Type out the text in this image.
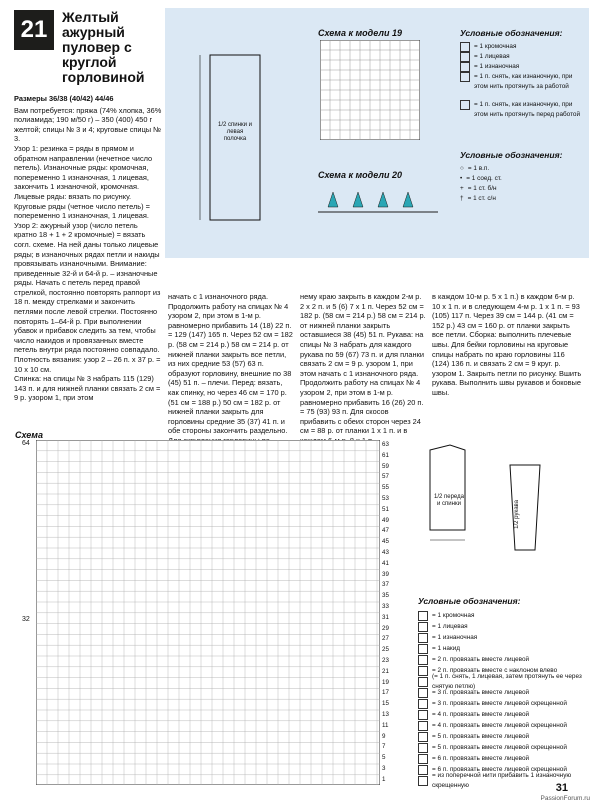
21	Желтый ажурный пуловер с круглой горловиной

Размеры 36/38 (40/42) 44/46

Вам потребуется: пряжа (74% хлопка, 36% полиамида; 190 м/50 г) – 350 (400) 450 г желтой; спицы № 3 и 4; круговые спицы № 3.

Узор 1: резинка = ряды в прямом и обратном направлении (нечетное число петель). Изнаночные ряды: кромочная, попеременно 1 изнаночная, 1 лицевая, закончить 1 изнаночной, кромочная. Лицевые ряды: вязать по рисунку. Круговые ряды (четное число петель) = попеременно 1 изнаночная, 1 лицевая.

Узор 2: ажурный узор (число петель кратно 18 + 1 + 2 кромочные) = вязать согл. схеме. На ней даны только лицевые ряды; в изнаночных рядах петли и накиды провязывать изнаночными. Внимание: приведенные 32-й и 64-й р. – изнаночные ряды. Начать с петель перед правой стрелкой, постоянно повторять раппорт из 18 п. между стрелками и закончить петлями после левой стрелки. Постоянно повторять 1–64-й р. При выполнении убавок и прибавок следить за тем, чтобы число накидов и провязанных вместе петель внутри ряда постоянно совпадало.

Плотность вязания: узор 2 – 26 п. x 37 р. = 10 x 10 см.

Спинка: на спицы № 3 набрать 115 (129) 143 п. и для нижней планки связать 2 см = 9 р. узором 1, при этом

1/2 спинки и левая полочка
Схема к модели 19
Схема к модели 20
Условные обозначения:
= 1 кромочная
= 1 лицевая
= 1 изнаночная
= 1 п. снять, как изнаночную, при этом нить протянуть за работой
= 1 п. снять, как изнаночную, при этом нить протянуть перед работой
Условные обозначения:
○ = 1 в.п.
• = 1 соед. ст.
+ = 1 ст. б/н
† = 1 ст. с/н
начать с 1 изнаночного ряда. Продолжить работу на спицах № 4 узором 2, при этом в 1-м р. равномерно прибавить 14 (18) 22 п. = 129 (147) 165 п. Через 52 см = 182 р. (58 см = 214 р.) 58 см = 214 р. от нижней планки закрыть все петли, из них средние 53 (57) 63 п. образуют горловину, внешние по 38 (45) 51 п. – плечи. Перед: вязать, как спинку, но через 46 см = 170 р. (51 см = 188 р.) 50 см = 182 р. от нижней планки закрыть для горловины средние 35 (37) 41 п. и обе стороны закончить раздельно.
нему краю закрыть в каждом 2-м р. 2 x 2 п. и 5 (6) 7 x 1 п. Через 52 см = 182 р. (58 см = 214 р.) 58 см = 214 р. от нижней планки закрыть оставшиеся 38 (45) 51 п. Рукава: на спицы № 3 набрать для каждого рукава по 59 (67) 73 п. и для планки связать 2 см = 9 р. узором 1, при этом начать с 1 изнаночного ряда. Продолжить работу на спицах № 4 узором 2, при этом в 1-м р. равномерно прибавить 16 (26) 20 п. = 75 (93) 93 п. Для скосов прибавить с обеих сторон через 24 см = 88 р. от планки 1 x 1 п. и в
в каждом 10-м р. 5 x 1 п.) в каждом 6-м р. 10 x 1 п. и в следующем 4-м р. 1 x 1 п. = 93 (105) 117 п. Через 39 см = 144 р. (41 см = 152 р.) 43 см = 160 р. от планки закрыть все петли. Сборка: выполнить плечевые швы. Для бейки горловины на круговые спицы набрать по краю горловины 116 (124) 136 п. и связать 2 см = 9 круг. р. узором 1. Закрыть петли по рисунку. Вшить рукава. Выполнить швы рукавов и боковые швы.
Схема
64
32
63
61
59
57
55
53
51
49
47
45
43
41
39
37
35
33
31
29
27
25
23
21
19
17
15
13
11
9
7
5
3
1
1/2 переда и спинки	1/2 рукава
Условные обозначения:
= 1 кромочная
= 1 лицевая
= 1 изнаночная
= 1 накид
= 2 п. провязать вместе лицевой
= 2 п. провязать вместе с наклоном влево
(= 1 п. снять, 1 лицевая, затем протянуть ее через снятую петлю)
= 3 п. провязать вместе лицевой
= 3 п. провязать вместе лицевой скрещенной
= 4 п. провязать вместе лицевой
= 4 п. провязать вместе лицевой скрещенной
= 5 п. провязать вместе лицевой
= 5 п. провязать вместе лицевой скрещенной
= 6 п. провязать вместе лицевой
= 6 п. провязать вместе лицевой скрещенной
= из поперечной нити прибавить 1 изнаночную скрещенную	31
PassionForum.ru
